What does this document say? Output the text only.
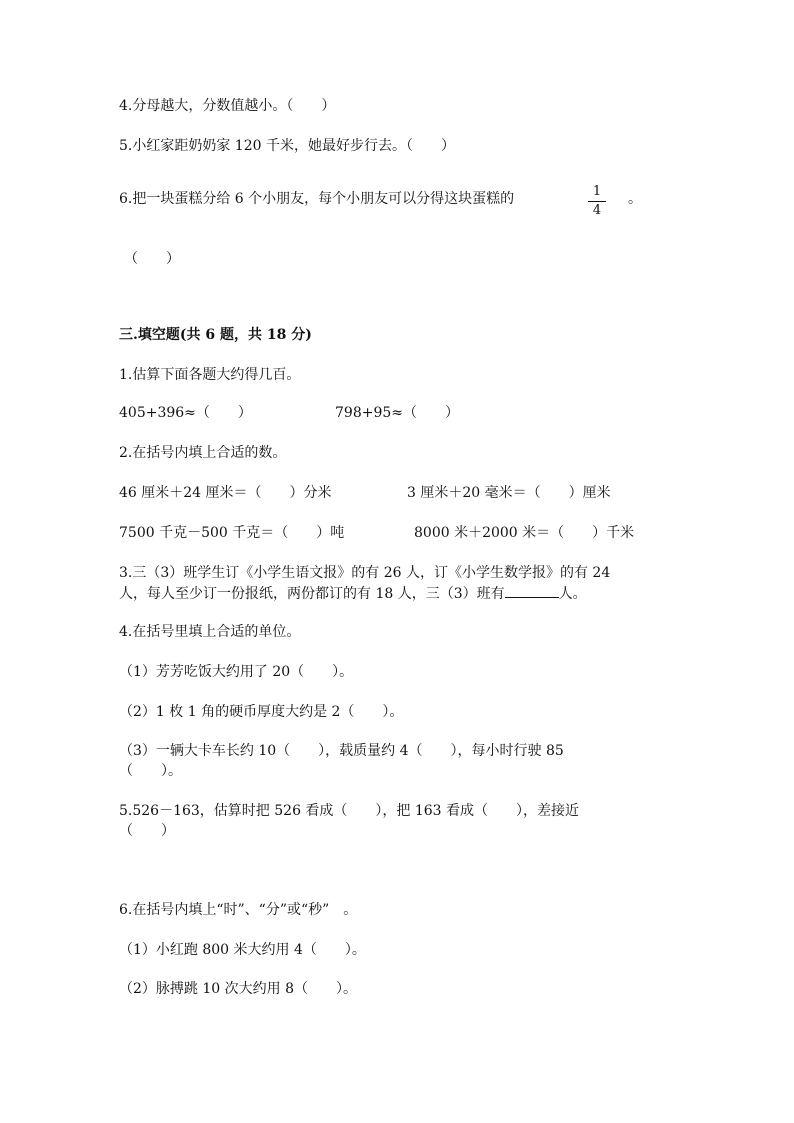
4.分母越大，分数值越小。（　　）
5.小红家距奶奶家 120 千米，她最好步行去。（　　）
6.把一块蛋糕分给 6 个小朋友，每个小朋友可以分得这块蛋糕的	1
4
。
（　　）
三.填空题(共 6 题，共 18 分)
1.估算下面各题大约得几百。
405+396≈（　　）	798+95≈（　　）
2.在括号内填上合适的数。
46 厘米＋24 厘米＝（　　）分米	3 厘米＋20 毫米＝（　　）厘米
7500 千克－500 千克＝（　　）吨	8000 米＋2000 米＝（　　）千米
3.三（3）班学生订《小学生语文报》的有 26 人，订《小学生数学报》的有 24
人，每人至少订一份报纸，两份都订的有 18 人，三（3）班有	人。
4.在括号里填上合适的单位。
（1）芳芳吃饭大约用了 20（　　）。
（2）1 枚 1 角的硬币厚度大约是 2（　　）。
（3）一辆大卡车长约 10（　　），载质量约 4（　　），每小时行驶 85
（　　）。
5.526－163，估算时把 526 看成（　　），把 163 看成（　　），差接近
（　　）
6.在括号内填上“时”、“分”或“秒”　。
（1）小红跑 800 米大约用 4（　　）。
（2）脉搏跳 10 次大约用 8（　　）。
